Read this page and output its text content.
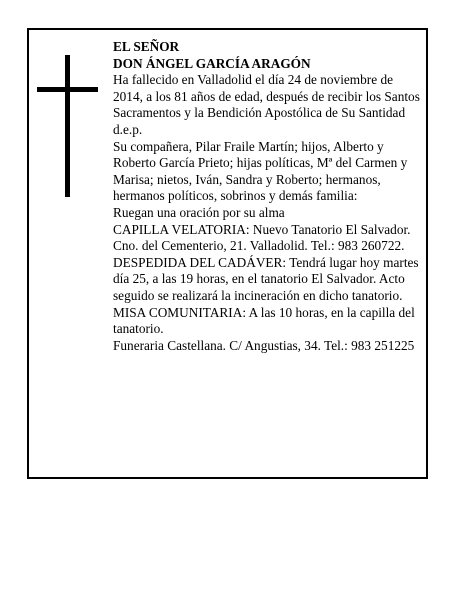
EL SEÑOR

DON ÁNGEL GARCÍA ARAGÓN

Ha fallecido en Valladolid el día 24 de noviembre de 2014, a los 81 años de edad, después de recibir los Santos Sacramentos y la Bendición Apostólica de Su Santidad

d.e.p.

Su compañera, Pilar Fraile Martín; hijos, Alberto y Roberto García Prieto; hijas políticas, Mª del Carmen y Marisa; nietos, Iván, Sandra y Roberto; hermanos, hermanos políticos, sobrinos y demás familia:

Ruegan una oración por su alma

CAPILLA VELATORIA: Nuevo Tanatorio El Salvador. Cno. del Cementerio, 21. Valladolid. Tel.: 983 260722.

DESPEDIDA DEL CADÁVER: Tendrá lugar hoy martes día 25, a las 19 horas, en el tanatorio El Salvador. Acto seguido se realizará la incineración en dicho tanatorio.

MISA COMUNITARIA: A las 10 horas, en la capilla del tanatorio.

Funeraria Castellana. C/ Angustias, 34. Tel.: 983 251225
